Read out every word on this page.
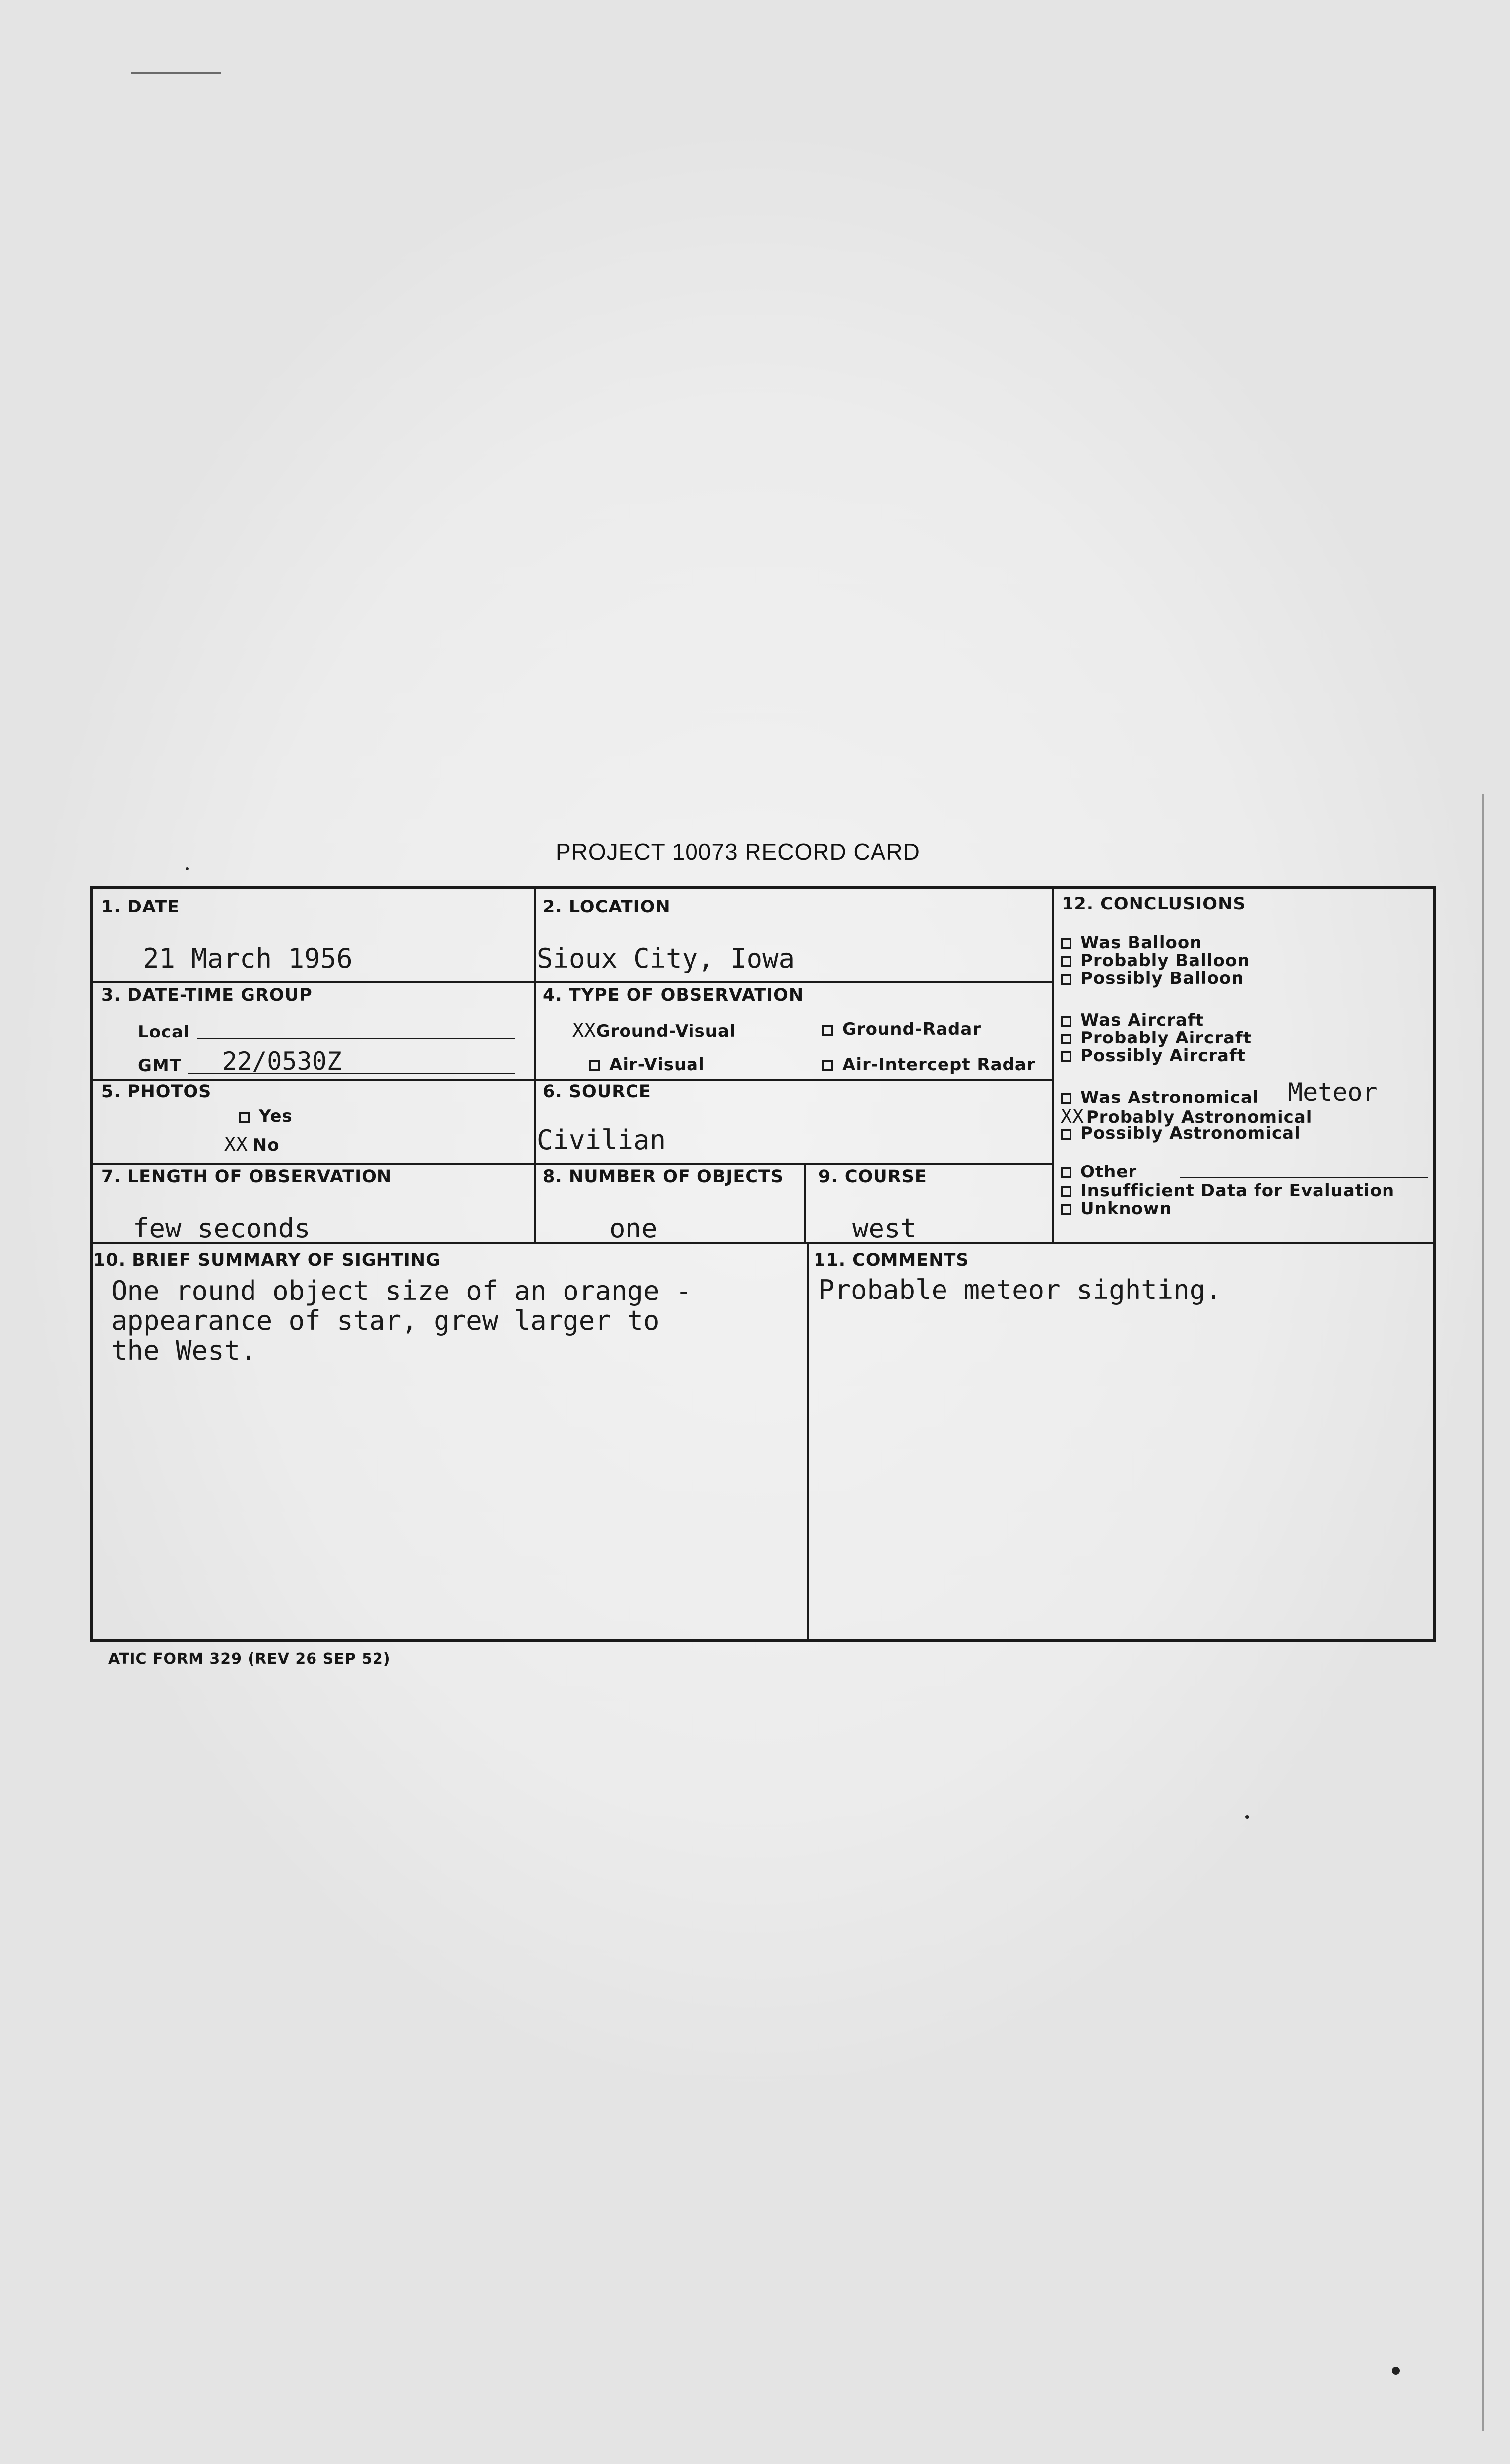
PROJECT 10073 RECORD CARD
1. DATE
21 March 1956
2. LOCATION
Sioux City, Iowa
3. DATE-TIME GROUP
Local
GMT 22/0530Z
4. TYPE OF OBSERVATION
XXGround-Visual	Ground-Radar
Air-Visual	Air-Intercept Radar
5. PHOTOS
Yes
XX No
6. SOURCE
Civilian
7. LENGTH OF OBSERVATION
few seconds
8. NUMBER OF OBJECTS
one
9. COURSE
west
10. BRIEF SUMMARY OF SIGHTING
One round object size of an orange -
appearance of star, grew larger to
the West.
11. COMMENTS
Probable meteor sighting.
12. CONCLUSIONS
Was Balloon
Probably Balloon
Possibly Balloon
Was Aircraft
Probably Aircraft
Possibly Aircraft
Was Astronomical Meteor
XX Probably Astronomical
Possibly Astronomical
Other
Insufficient Data for Evaluation
Unknown
ATIC FORM 329 (REV 26 SEP 52)
